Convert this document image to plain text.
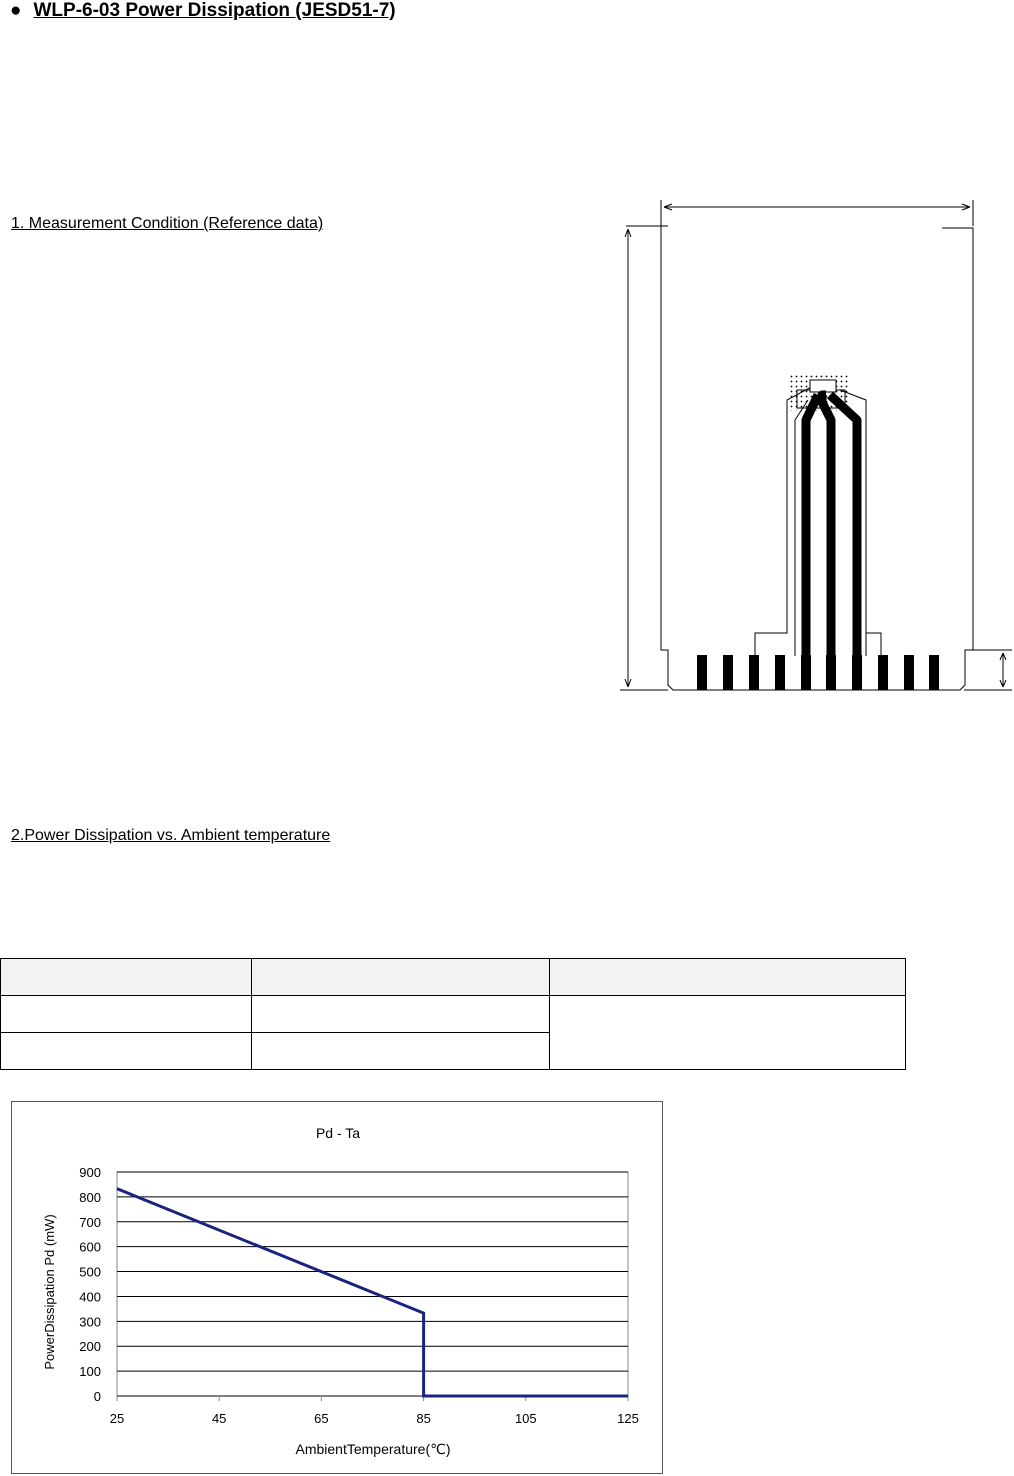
● WLP-6-03 Power Dissipation (JESD51-7)
1. Measurement Condition (Reference data)
2.Power Dissipation vs. Ambient temperature

Pd - Ta
0
100
200
300
400
500
600
700
800
900
25	45	65	85	105	125
AmbientTemperature(℃)
PowerDissipation Pd (mW)
